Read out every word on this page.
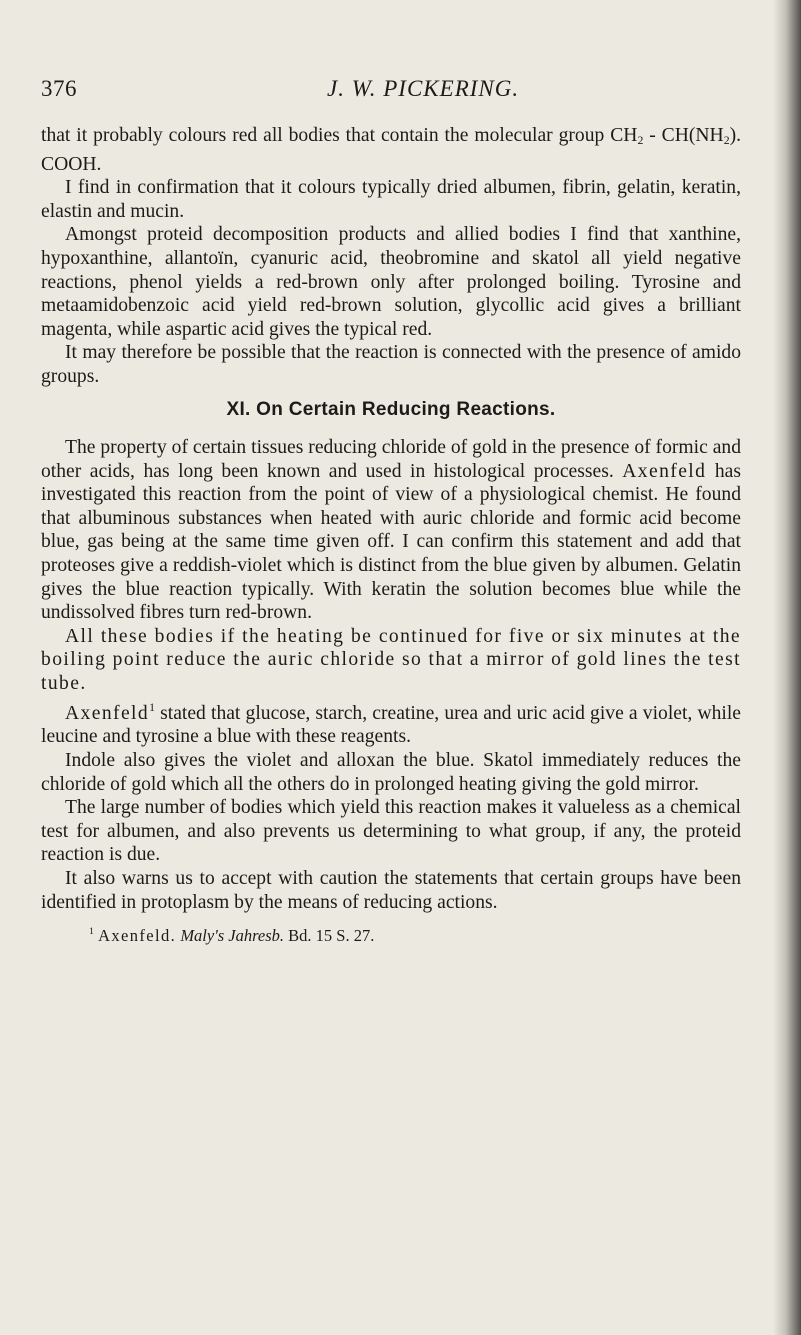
376	J. W. PICKERING.

that it probably colours red all bodies that contain the molecular group $CH_2 - CH(NH_2)$. COOH.

I find in confirmation that it colours typically dried albumen, fibrin, gelatin, keratin, elastin and mucin.

Amongst proteid decomposition products and allied bodies I find that xanthine, hypoxanthine, allantoïn, cyanuric acid, theobromine and skatol all yield negative reactions, phenol yields a red-brown only after prolonged boiling. Tyrosine and metaamidobenzoic acid yield red-brown solution, glycollic acid gives a brilliant magenta, while aspartic acid gives the typical red.

It may therefore be possible that the reaction is connected with the presence of amido groups.

XI. On Certain Reducing Reactions.

The property of certain tissues reducing chloride of gold in the presence of formic and other acids, has long been known and used in histological processes. Axenfeld has investigated this reaction from the point of view of a physiological chemist. He found that albuminous substances when heated with auric chloride and formic acid become blue, gas being at the same time given off. I can confirm this statement and add that proteoses give a reddish-violet which is distinct from the blue given by albumen. Gelatin gives the blue reaction typically. With keratin the solution becomes blue while the undissolved fibres turn red-brown.

All these bodies if the heating be continued for five or six minutes at the boiling point reduce the auric chloride so that a mirror of gold lines the test tube.

Axenfeld$^1$ stated that glucose, starch, creatine, urea and uric acid give a violet, while leucine and tyrosine a blue with these reagents.

Indole also gives the violet and alloxan the blue. Skatol immediately reduces the chloride of gold which all the others do in prolonged heating giving the gold mirror.

The large number of bodies which yield this reaction makes it valueless as a chemical test for albumen, and also prevents us determining to what group, if any, the proteid reaction is due.

It also warns us to accept with caution the statements that certain groups have been identified in protoplasm by the means of reducing actions.

$^1$ Axenfeld. Maly's Jahresb. Bd. 15 S. 27.
